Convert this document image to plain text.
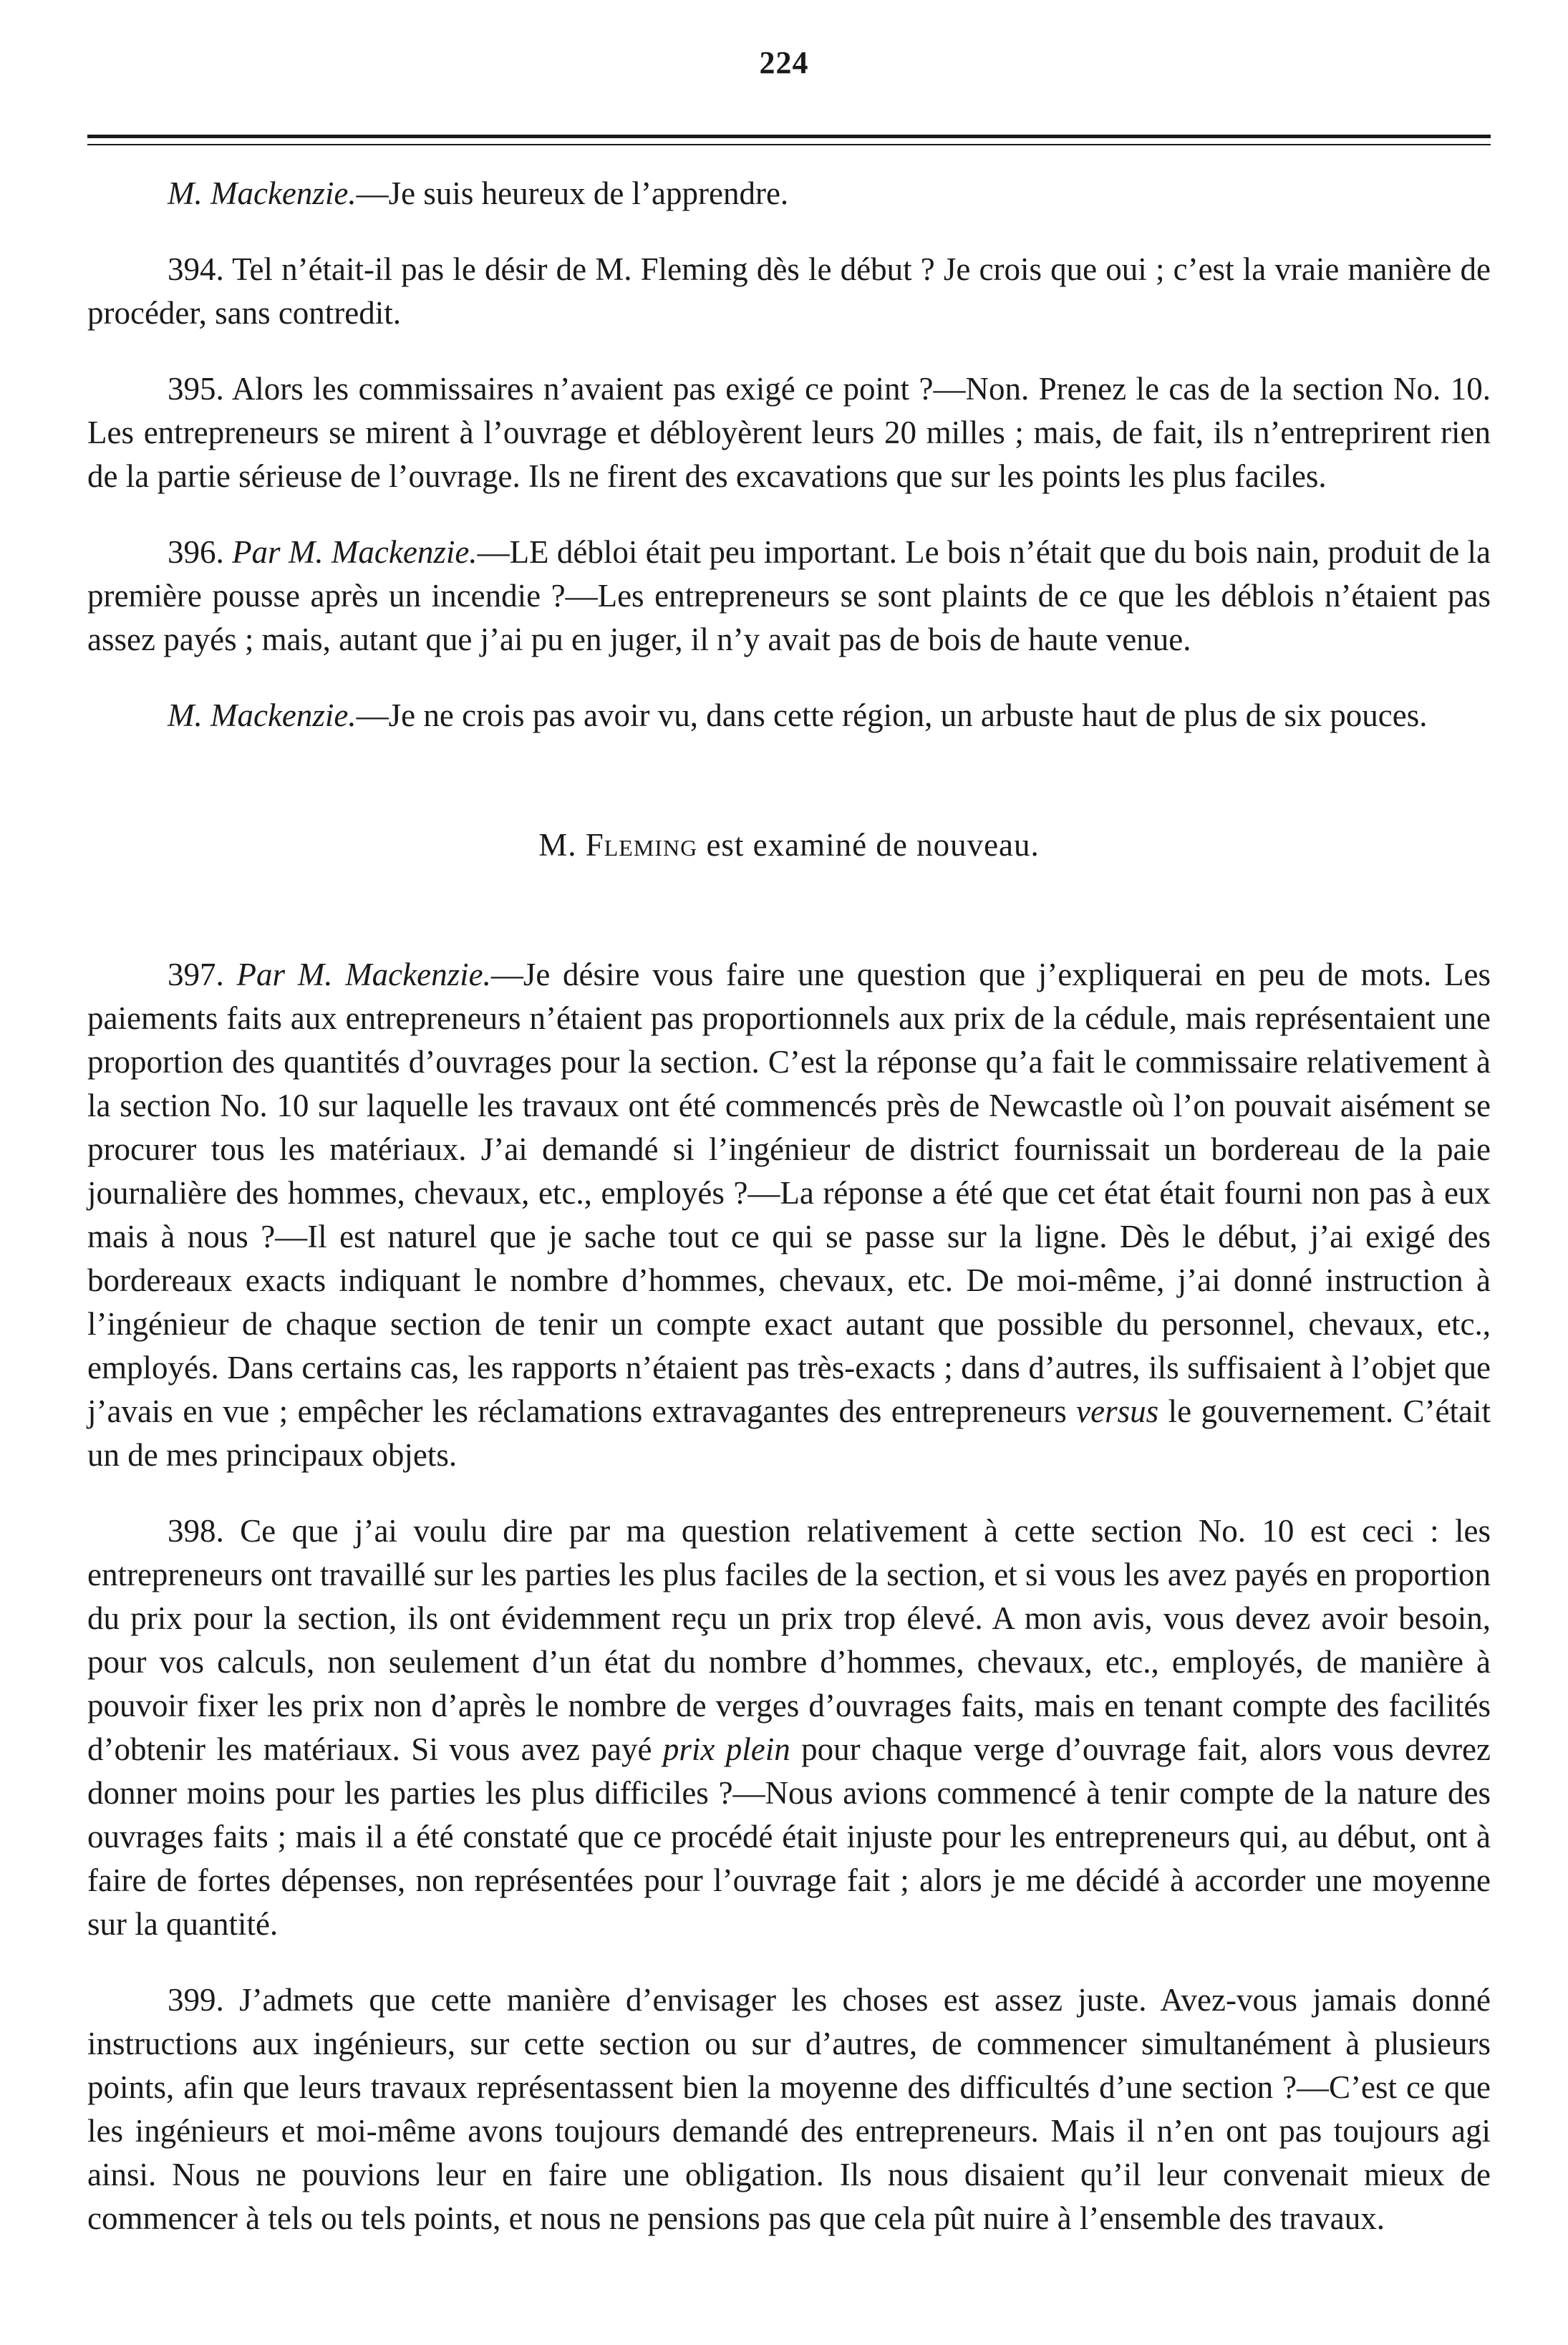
224

M. Mackenzie.—Je suis heureux de l’apprendre.

394. Tel n’était-il pas le désir de M. Fleming dès le début ? Je crois que oui ; c’est la vraie manière de procéder, sans contredit.

395. Alors les commissaires n’avaient pas exigé ce point ?—Non. Prenez le cas de la section No. 10. Les entrepreneurs se mirent à l’ouvrage et débloyèrent leurs 20 milles ; mais, de fait, ils n’entreprirent rien de la partie sérieuse de l’ouvrage. Ils ne firent des excavations que sur les points les plus faciles.

396. Par M. Mackenzie.—LE débloi était peu important. Le bois n’était que du bois nain, produit de la première pousse après un incendie ?—Les entrepreneurs se sont plaints de ce que les déblois n’étaient pas assez payés ; mais, autant que j’ai pu en juger, il n’y avait pas de bois de haute venue.

M. Mackenzie.—Je ne crois pas avoir vu, dans cette région, un arbuste haut de plus de six pouces.

M. Fleming est examiné de nouveau.

397. Par M. Mackenzie.—Je désire vous faire une question que j’expliquerai en peu de mots. Les paiements faits aux entrepreneurs n’étaient pas proportionnels aux prix de la cédule, mais représentaient une proportion des quantités d’ouvrages pour la section. C’est la réponse qu’a fait le commissaire relativement à la section No. 10 sur laquelle les travaux ont été commencés près de Newcastle où l’on pouvait aisément se procurer tous les matériaux. J’ai demandé si l’ingénieur de district fournissait un bordereau de la paie journalière des hommes, chevaux, etc., employés ?—La réponse a été que cet état était fourni non pas à eux mais à nous ?—Il est naturel que je sache tout ce qui se passe sur la ligne. Dès le début, j’ai exigé des bordereaux exacts indiquant le nombre d’hommes, chevaux, etc. De moi-même, j’ai donné instruction à l’ingénieur de chaque section de tenir un compte exact autant que possible du personnel, chevaux, etc., employés. Dans certains cas, les rapports n’étaient pas très-exacts ; dans d’autres, ils suffisaient à l’objet que j’avais en vue ; empêcher les réclamations extravagantes des entrepreneurs versus le gouvernement. C’était un de mes principaux objets.

398. Ce que j’ai voulu dire par ma question relativement à cette section No. 10 est ceci : les entrepreneurs ont travaillé sur les parties les plus faciles de la section, et si vous les avez payés en proportion du prix pour la section, ils ont évidemment reçu un prix trop élevé. A mon avis, vous devez avoir besoin, pour vos calculs, non seulement d’un état du nombre d’hommes, chevaux, etc., employés, de manière à pouvoir fixer les prix non d’après le nombre de verges d’ouvrages faits, mais en tenant compte des facilités d’obtenir les matériaux. Si vous avez payé prix plein pour chaque verge d’ouvrage fait, alors vous devrez donner moins pour les parties les plus difficiles ?—Nous avions commencé à tenir compte de la nature des ouvrages faits ; mais il a été constaté que ce procédé était injuste pour les entrepreneurs qui, au début, ont à faire de fortes dépenses, non représentées pour l’ouvrage fait ; alors je me décidé à accorder une moyenne sur la quantité.

399. J’admets que cette manière d’envisager les choses est assez juste. Avez-vous jamais donné instructions aux ingénieurs, sur cette section ou sur d’autres, de commencer simultanément à plusieurs points, afin que leurs travaux représentassent bien la moyenne des difficultés d’une section ?—C’est ce que les ingénieurs et moi-même avons toujours demandé des entrepreneurs. Mais il n’en ont pas toujours agi ainsi. Nous ne pouvions leur en faire une obligation. Ils nous disaient qu’il leur convenait mieux de commencer à tels ou tels points, et nous ne pensions pas que cela pût nuire à l’ensemble des travaux.
